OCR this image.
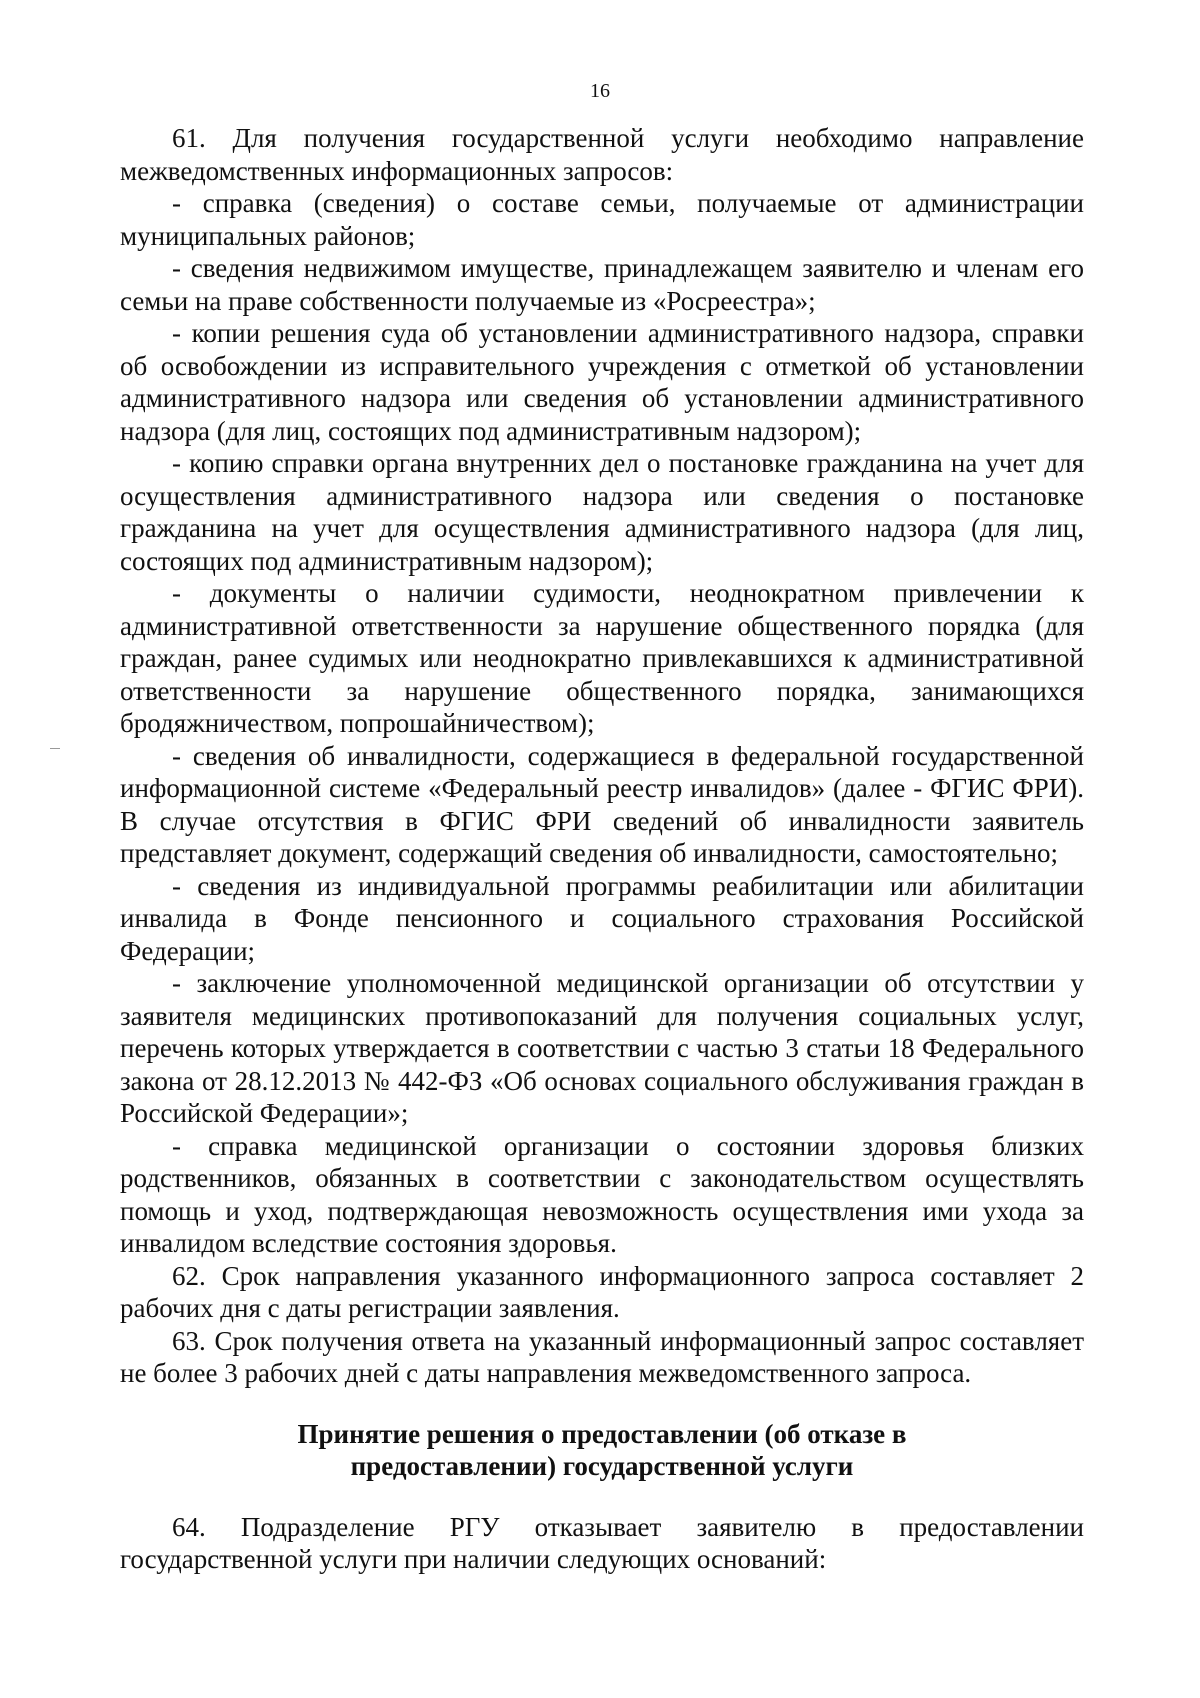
16

61. Для получения государственной услуги необходимо направление межведомственных информационных запросов:

- справка (сведения) о составе семьи, получаемые от администрации муниципальных районов;

- сведения недвижимом имуществе, принадлежащем заявителю и членам его семьи на праве собственности получаемые из «Росреестра»;

- копии решения суда об установлении административного надзора, справки об освобождении из исправительного учреждения с отметкой об установлении административного надзора или сведения об установлении административного надзора (для лиц, состоящих под административным надзором);

- копию справки органа внутренних дел о постановке гражданина на учет для осуществления административного надзора или сведения о постановке гражданина на учет для осуществления административного надзора (для лиц, состоящих под административным надзором);

- документы о наличии судимости, неоднократном привлечении к административной ответственности за нарушение общественного порядка (для граждан, ранее судимых или неоднократно привлекавшихся к административной ответственности за нарушение общественного порядка, занимающихся бродяжничеством, попрошайничеством);

- сведения об инвалидности, содержащиеся в федеральной государственной информационной системе «Федеральный реестр инвалидов» (далее - ФГИС ФРИ). В случае отсутствия в ФГИС ФРИ сведений об инвалидности заявитель представляет документ, содержащий сведения об инвалидности, самостоятельно;

- сведения из индивидуальной программы реабилитации или абилитации инвалида в Фонде пенсионного и социального страхования Российской Федерации;

- заключение уполномоченной медицинской организации об отсутствии у заявителя медицинских противопоказаний для получения социальных услуг, перечень которых утверждается в соответствии с частью 3 статьи 18 Федерального закона от 28.12.2013 № 442-ФЗ «Об основах социального обслуживания граждан в Российской Федерации»;

- справка медицинской организации о состоянии здоровья близких родственников, обязанных в соответствии с законодательством осуществлять помощь и уход, подтверждающая невозможность осуществления ими ухода за инвалидом вследствие состояния здоровья.

62. Срок направления указанного информационного запроса составляет 2 рабочих дня с даты регистрации заявления.

63. Срок получения ответа на указанный информационный запрос составляет не более 3 рабочих дней с даты направления межведомственного запроса.

Принятие решения о предоставлении (об отказе в
предоставлении) государственной услуги

64. Подразделение РГУ отказывает заявителю в предоставлении государственной услуги при наличии следующих оснований:
